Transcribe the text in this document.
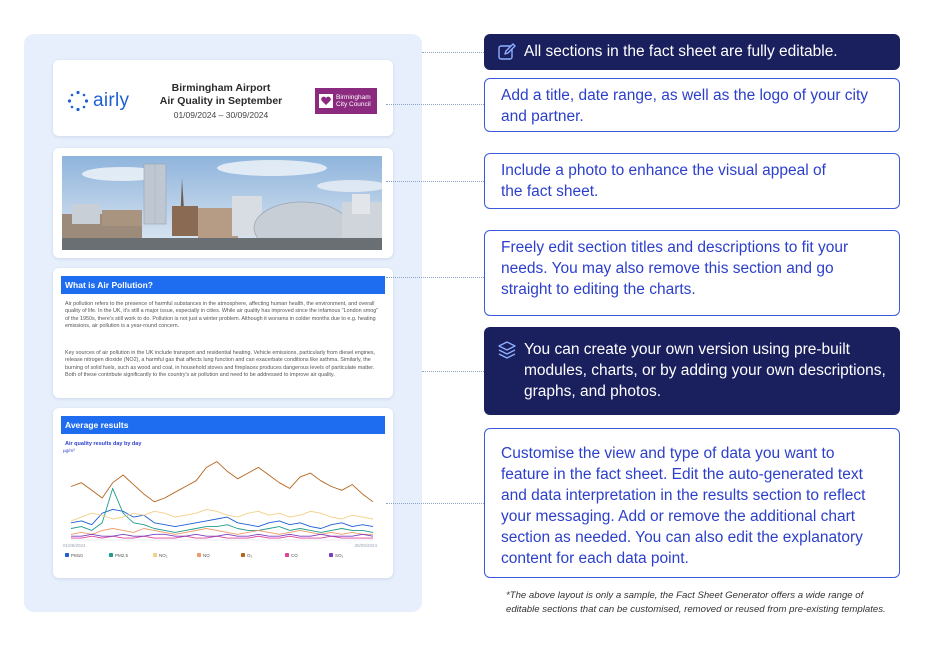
airly
Birmingham Airport
Air Quality in September
01/09/2024 – 30/09/2024
Birmingham
City Council
What is Air Pollution?
Air pollution refers to the presence of harmful substances in the atmosphere, affecting human health, the environment, and overall quality of life. In the UK, it's still a major issue, especially in cities. While air quality has improved since the infamous "London smog" of the 1950s, there's still work to do. Pollution is not just a winter problem. Although it worsens in colder months due to e.g. heating emissions, air pollution is a year-round concern.
Key sources of air pollution in the UK include transport and residential heating. Vehicle emissions, particularly from diesel engines, release nitrogen dioxide (NO2), a harmful gas that affects lung function and can exacerbate conditions like asthma. Similarly, the burning of solid fuels, such as wood and coal, in household stoves and fireplaces produces dangerous levels of particulate matter. Both of these contribute significantly to the country's air pollution and need to be addressed to improve air quality.
Average results
Air quality results day by day
µg/m³
01/09/2024	30/09/2024
PM10	PM2.5	NO₂	NO	O₃	CO	SO₂
All sections in the fact sheet are fully editable.
Add a title, date range, as well as the logo of your city and partner.
Include a photo to enhance the visual appeal of the fact sheet.
Freely edit section titles and descriptions to fit your needs. You may also remove this section and go straight to editing the charts.
You can create your own version using pre-built modules, charts, or by adding your own descriptions, graphs, and photos.
Customise the view and type of data you want to feature in the fact sheet. Edit the auto-generated text and data interpretation in the results section to reflect your messaging. Add or remove the additional chart section as needed. You can also edit the explanatory content for each data point.
*The above layout is only a sample, the Fact Sheet Generator offers a wide range of editable sections that can be customised, removed or reused from pre-existing templates.
